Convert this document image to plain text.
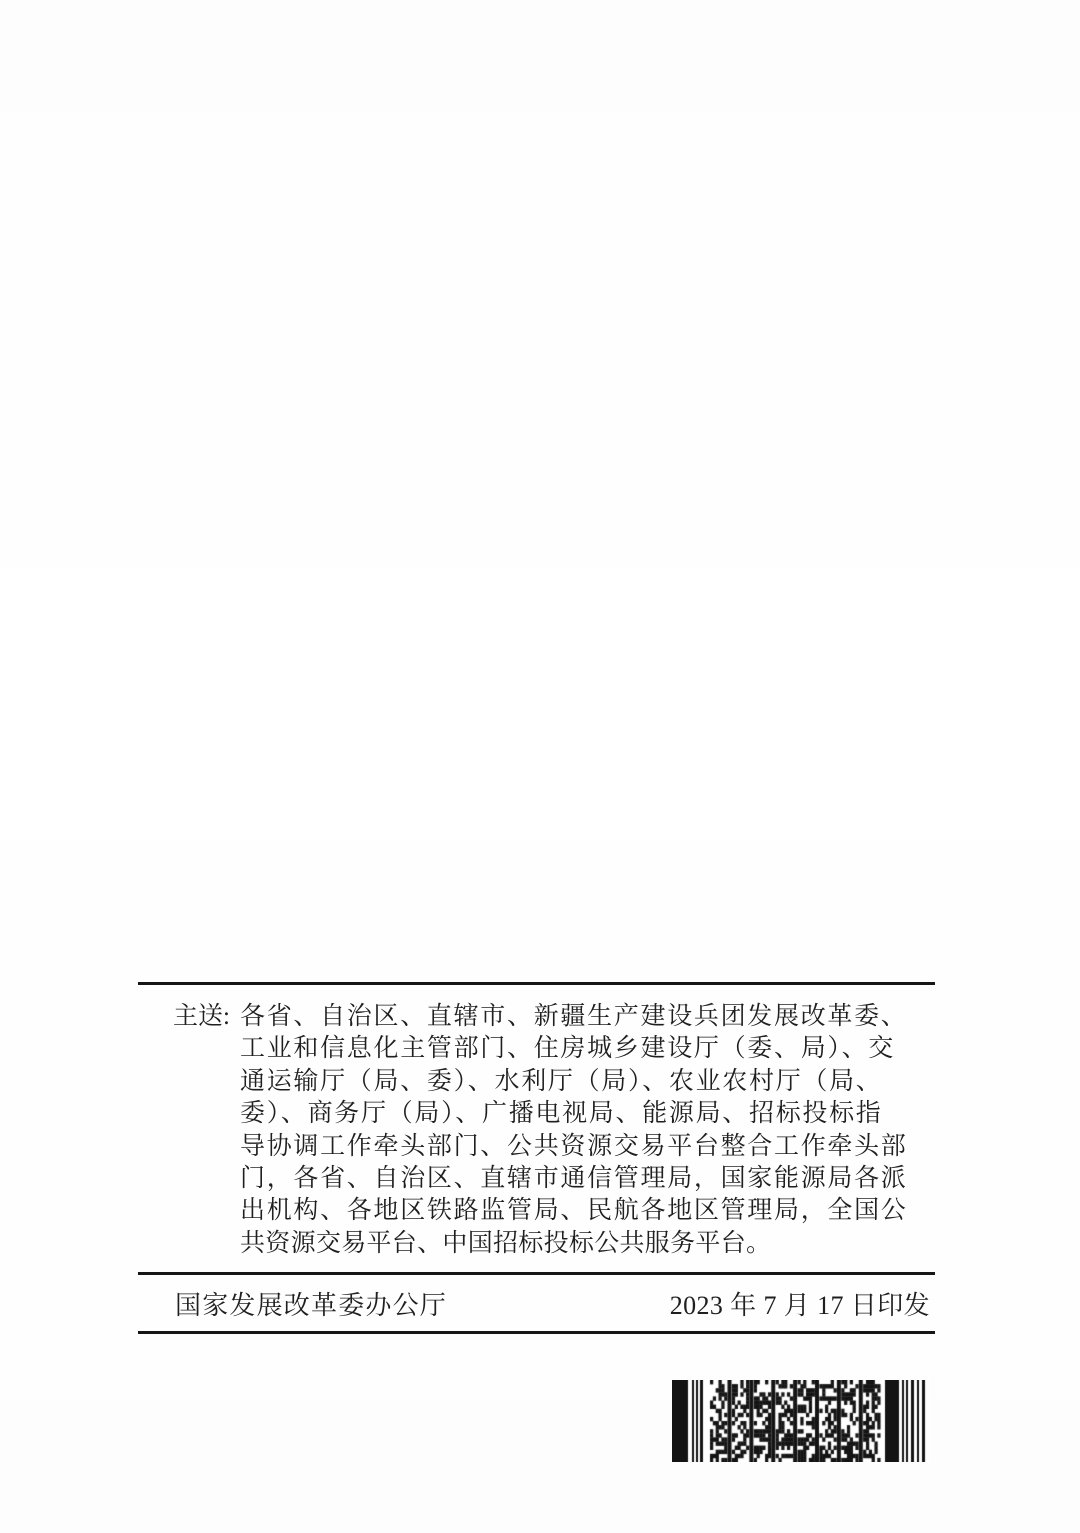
主送: 各省、自治区、直辖市、新疆生产建设兵团发展改革委、
工业和信息化主管部门、住房城乡建设厅（委、局）、交
通运输厅（局、委）、水利厅（局）、农业农村厅（局、
委）、商务厅（局）、广播电视局、能源局、招标投标指
导协调工作牵头部门、公共资源交易平台整合工作牵头部
门，各省、自治区、直辖市通信管理局，国家能源局各派
出机构、各地区铁路监管局、民航各地区管理局，全国公
共资源交易平台、中国招标投标公共服务平台。
国家发展改革委办公厅	2023 年 7 月 17 日印发
